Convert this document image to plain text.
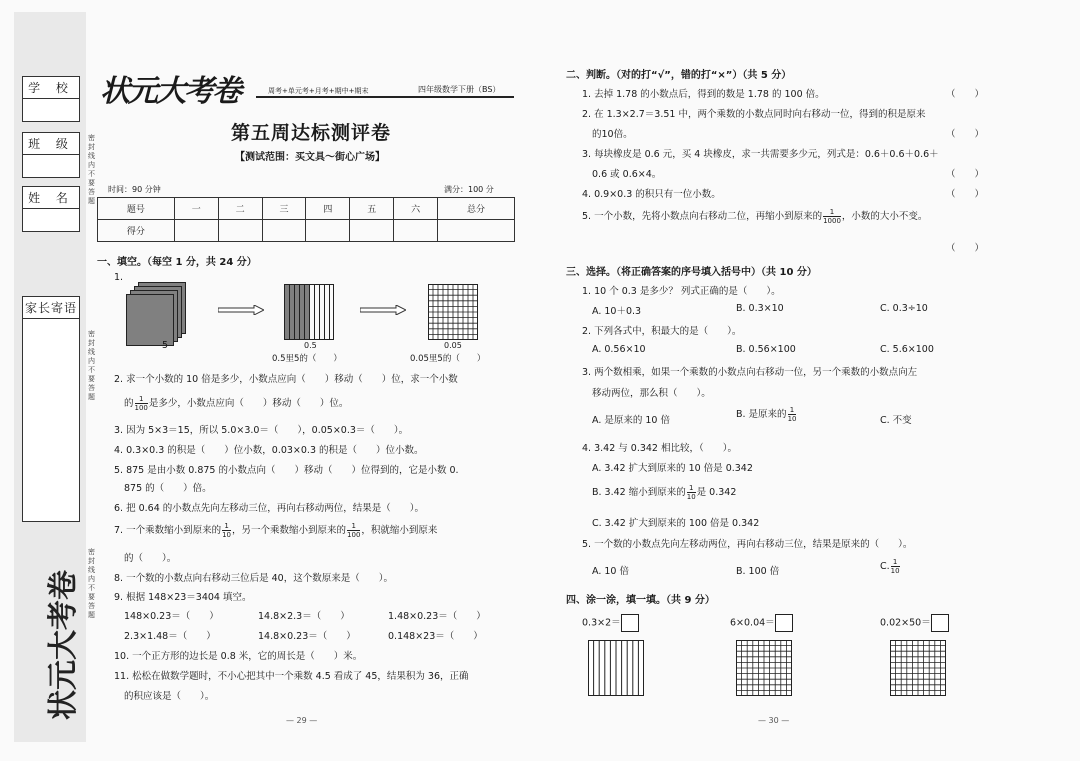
学 校
班 级
姓 名
家长寄语
密封线内不要答题
密封线内不要答题
密封线内不要答题
状元大考卷
状元大考卷	周考+单元考+月考+期中+期末	四年级数学下册（BS）
第五周达标测评卷
【测试范围：买文具～街心广场】
时间：90 分钟	满分：100 分
题号	一	二	三	四	五	六	总分
得分							
一、填空。（每空 1 分，共 24 分）
1.
5	0.5
0.5里5的（　　）
0.05
0.05里5的（　　）
2. 求一个小数的 10 倍是多少，小数点应向（　　）移动（　　）位，求一个小数
的 $\frac{1}{100}$ 是多少，小数点应向（　　）移动（　　）位。
3. 因为 5×3＝15，所以 5.0×3.0＝（　　），0.05×0.3＝（　　）。
4. 0.3×0.3 的积是（　　）位小数，0.03×0.3 的积是（　　）位小数。
5. 875 是由小数 0.875 的小数点向（　　）移动（　　）位得到的，它是小数 0.
875 的（　　）倍。
6. 把 0.64 的小数点先向左移动三位，再向右移动两位，结果是（　　）。
7. 一个乘数缩小到原来的 $\frac{1}{10}$ ，另一个乘数缩小到原来的 $\frac{1}{100}$ ，积就缩小到原来
的（　　）。
8. 一个数的小数点向右移动三位后是 40，这个数原来是（　　）。
9. 根据 148×23＝3404 填空。
148×0.23＝（　　）	14.8×2.3＝（　　）	1.48×0.23＝（　　）
2.3×1.48＝（　　）	14.8×0.23＝（　　）	0.148×23＝（　　）
10. 一个正方形的边长是 0.8 米，它的周长是（　　）米。
11. 松松在做数学题时，不小心把其中一个乘数 4.5 看成了 45，结果积为 36，正确
的积应该是（　　）。
— 29 —
二、判断。（对的打“√”，错的打“×”）（共 5 分）
1. 去掉 1.78 的小数点后，得到的数是 1.78 的 100 倍。	（　　）
2. 在 1.3×2.7＝3.51 中，两个乘数的小数点同时向右移动一位，得到的积是原来
的10倍。	（　　）
3. 每块橡皮是 0.6 元，买 4 块橡皮，求一共需要多少元，列式是：0.6＋0.6＋0.6＋
0.6 或 0.6×4。	（　　）
4. 0.9×0.3 的积只有一位小数。	（　　）
5. 一个小数，先将小数点向右移动二位，再缩小到原来的 $\frac{1}{1000}$ ，小数的大小不变。
（　　）
三、选择。（将正确答案的序号填入括号中）（共 10 分）
1. 10 个 0.3 是多少？ 列式正确的是（　　）。
A. 10＋0.3	B. 0.3×10	C. 0.3÷10
2. 下列各式中，积最大的是（　　）。
A. 0.56×10	B. 0.56×100	C. 5.6×100
3. 两个数相乘，如果一个乘数的小数点向右移动一位，另一个乘数的小数点向左
移动两位，那么积（　　）。
A. 是原来的 10 倍
B. 是原来的 $\frac{1}{10}$	C. 不变
4. 3.42 与 0.342 相比较，（　　）。
A. 3.42 扩大到原来的 10 倍是 0.342
B. 3.42 缩小到原来的 $\frac{1}{10}$ 是 0.342
C. 3.42 扩大到原来的 100 倍是 0.342
5. 一个数的小数点先向左移动两位，再向右移动三位，结果是原来的（　　）。
A. 10 倍	B. 100 倍	C. $\frac{1}{10}$
四、涂一涂，填一填。（共 9 分）
0.3×2＝	6×0.04＝	0.02×50＝
— 30 —
